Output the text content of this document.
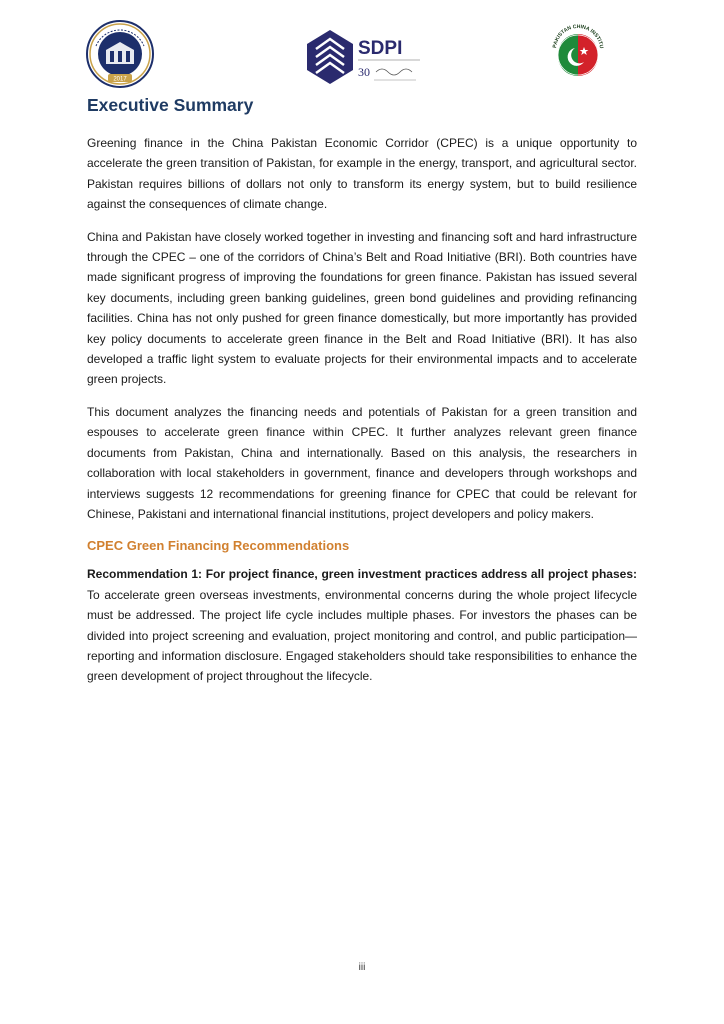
2017
SDPI
30
PAKISTAN CHINA INSTITU
Executive Summary

Greening finance in the China Pakistan Economic Corridor (CPEC) is a unique opportunity to accelerate the green transition of Pakistan, for example in the energy, transport, and agricultural sector. Pakistan requires billions of dollars not only to transform its energy system, but to build resilience against the consequences of climate change.

China and Pakistan have closely worked together in investing and financing soft and hard infrastructure through the CPEC – one of the corridors of China’s Belt and Road Initiative (BRI). Both countries have made significant progress of improving the foundations for green finance. Pakistan has issued several key documents, including green banking guidelines, green bond guidelines and providing refinancing facilities. China has not only pushed for green finance domestically, but more importantly has provided key policy documents to accelerate green finance in the Belt and Road Initiative (BRI). It has also developed a traffic light system to evaluate projects for their environmental impacts and to accelerate green projects.

This document analyzes the financing needs and potentials of Pakistan for a green transition and espouses to accelerate green finance within CPEC. It further analyzes relevant green finance documents from Pakistan, China and internationally. Based on this analysis, the researchers in collaboration with local stakeholders in government, finance and developers through workshops and interviews suggests 12 recommendations for greening finance for CPEC that could be relevant for Chinese, Pakistani and international financial institutions, project developers and policy makers.

CPEC Green Financing Recommendations

Recommendation 1: For project finance, green investment practices address all project phases: To accelerate green overseas investments, environmental concerns during the whole project lifecycle must be addressed. The project life cycle includes multiple phases. For investors the phases can be divided into project screening and evaluation, project monitoring and control, and public participation—reporting and information disclosure. Engaged stakeholders should take responsibilities to enhance the green development of project throughout the lifecycle.

iii
